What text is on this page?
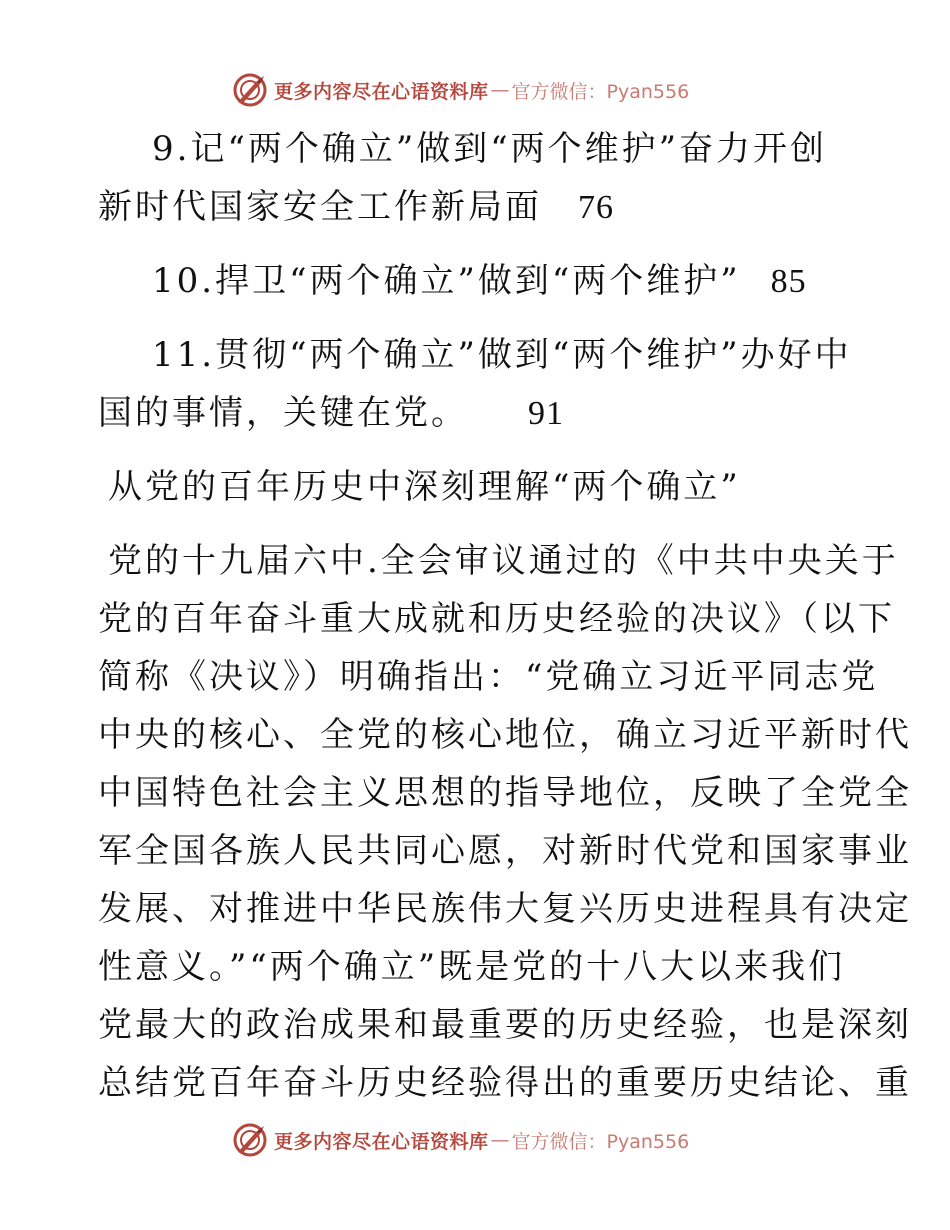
更多内容尽在心语资料库 — 官方微信：Pyan556
9.记“两个确立”做到“两个维护”奋力开创
新时代国家安全工作新局面 76
10.捍卫“两个确立”做到“两个维护” 85
11.贯彻“两个确立”做到“两个维护”办好中
国的事情，关键在党。 91
从党的百年历史中深刻理解“两个确立”
党的十九届六中.全会审议通过的《中共中央关于
党的百年奋斗重大成就和历史经验的决议》（以下
简称《决议》）明确指出：“党确立习近平同志党
中央的核心、全党的核心地位，确立习近平新时代
中国特色社会主义思想的指导地位，反映了全党全
军全国各族人民共同心愿，对新时代党和国家事业
发展、对推进中华民族伟大复兴历史进程具有决定
性意义。”“两个确立”既是党的十八大以来我们
党最大的政治成果和最重要的历史经验，也是深刻
总结党百年奋斗历史经验得出的重要历史结论、重
更多内容尽在心语资料库 — 官方微信：Pyan556
